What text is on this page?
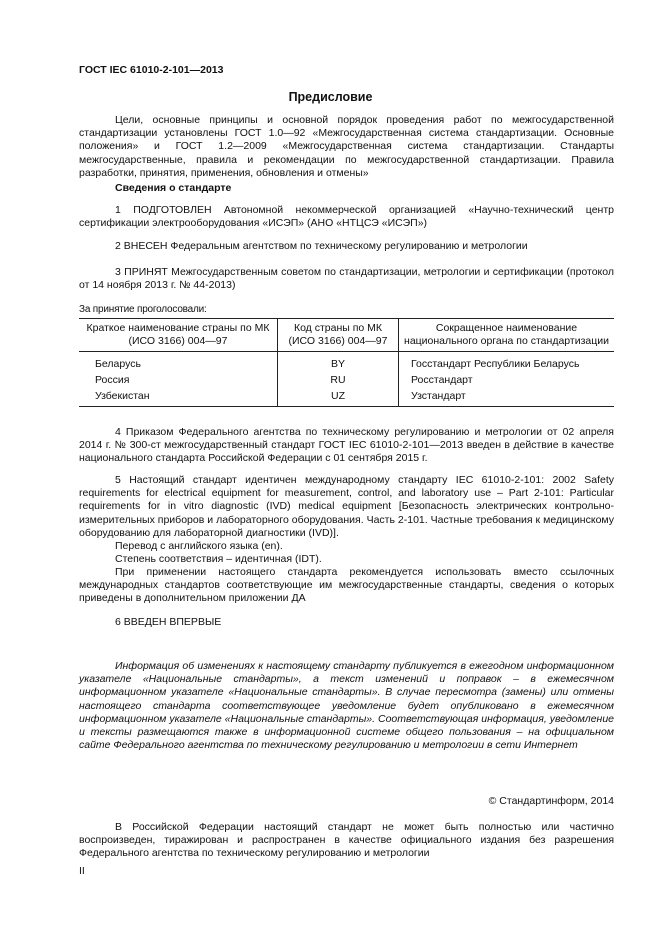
ГОСТ IEC 61010-2-101—2013
Предисловие
Цели, основные принципы и основной порядок проведения работ по межгосударственной стандартизации установлены ГОСТ 1.0—92 «Межгосударственная система стандартизации. Основные положения» и ГОСТ 1.2—2009 «Межгосударственная система стандартизации. Стандарты межгосударственные, правила и рекомендации по межгосударственной стандартизации. Правила разработки, принятия, применения, обновления и отмены»
Сведения о стандарте
1 ПОДГОТОВЛЕН Автономной некоммерческой организацией «Научно-технический центр сертификации электрооборудования «ИСЭП» (АНО «НТЦСЭ «ИСЭП»)
2 ВНЕСЕН Федеральным агентством по техническому регулированию и метрологии
3 ПРИНЯТ Межгосударственным советом по стандартизации, метрологии и сертификации (протокол от 14 ноября 2013 г. № 44-2013)
За принятие проголосовали:
Краткое наименование страны по МК (ИСО 3166) 004—97	Код страны по МК (ИСО 3166) 004—97	Сокращенное наименование национального органа по стандартизации
Беларусь	BY	Госстандарт Республики Беларусь
Россия	RU	Росстандарт
Узбекистан	UZ	Узстандарт
4 Приказом Федерального агентства по техническому регулированию и метрологии от 02 апреля 2014 г. № 300-ст межгосударственный стандарт ГОСТ IEC 61010-2-101—2013 введен в действие в качестве национального стандарта Российской Федерации с 01 сентября 2015 г.
5 Настоящий стандарт идентичен международному стандарту IEC 61010-2-101: 2002 Safety requirements for electrical equipment for measurement, control, and laboratory use – Part 2-101: Particular requirements for in vitro diagnostic (IVD) medical equipment [Безопасность электрических контрольно-измерительных приборов и лабораторного оборудования. Часть 2-101. Частные требования к медицинскому оборудованию для лабораторной диагностики (IVD)].
Перевод с английского языка (en).
Степень соответствия – идентичная (IDT).
При применении настоящего стандарта рекомендуется использовать вместо ссылочных международных стандартов соответствующие им межгосударственные стандарты, сведения о которых приведены в дополнительном приложении ДА
6 ВВЕДЕН ВПЕРВЫЕ
Информация об изменениях к настоящему стандарту публикуется в ежегодном информационном указателе «Национальные стандарты», а текст изменений и поправок – в ежемесячном информационном указателе «Национальные стандарты». В случае пересмотра (замены) или отмены настоящего стандарта соответствующее уведомление будет опубликовано в ежемесячном информационном указателе «Национальные стандарты». Соответствующая информация, уведомление и тексты размещаются также в информационной системе общего пользования – на официальном сайте Федерального агентства по техническому регулированию и метрологии в сети Интернет
© Стандартинформ, 2014
В Российской Федерации настоящий стандарт не может быть полностью или частично воспроизведен, тиражирован и распространен в качестве официального издания без разрешения Федерального агентства по техническому регулированию и метрологии
II
